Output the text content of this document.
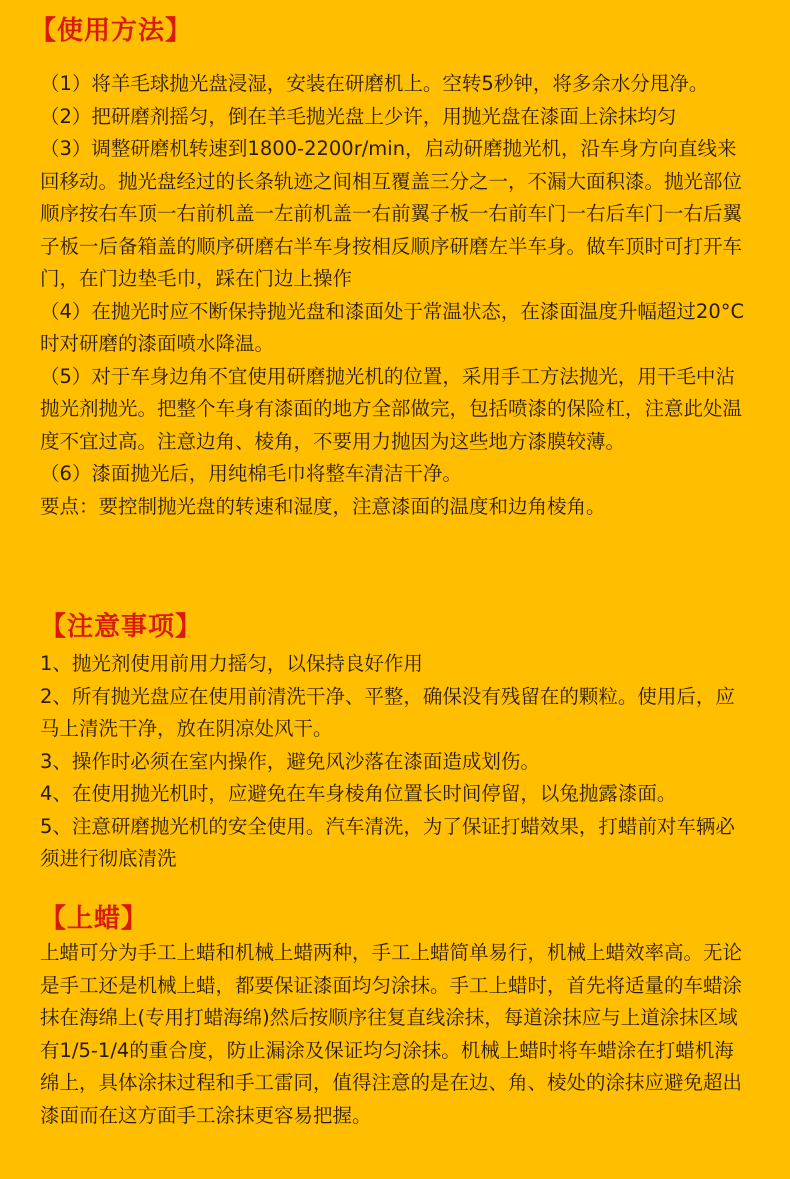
【使用方法】

（1）将羊毛球抛光盘浸湿，安装在研磨机上。空转5秒钟，将多余水分甩净。

（2）把研磨剂摇匀，倒在羊毛抛光盘上少许，用抛光盘在漆面上涂抹均匀

（3）调整研磨机转速到1800-2200r/min，启动研磨抛光机，沿车身方向直线来回移动。抛光盘经过的长条轨迹之间相互覆盖三分之一，不漏大面积漆。抛光部位顺序按右车顶一右前机盖一左前机盖一右前翼子板一右前车门一右后车门一右后翼子板一后备箱盖的顺序研磨右半车身按相反顺序研磨左半车身。做车顶时可打开车门，在门边垫毛巾，踩在门边上操作

（4）在抛光时应不断保持抛光盘和漆面处于常温状态，在漆面温度升幅超过20°C时对研磨的漆面喷水降温。

（5）对于车身边角不宜使用研磨抛光机的位置，采用手工方法抛光，用干毛中沾抛光剂抛光。把整个车身有漆面的地方全部做完，包括喷漆的保险杠，注意此处温度不宜过高。注意边角、棱角，不要用力抛因为这些地方漆膜较薄。

（6）漆面抛光后，用纯棉毛巾将整车清洁干净。

要点：要控制抛光盘的转速和湿度，注意漆面的温度和边角棱角。

【注意事项】

1、抛光剂使用前用力摇匀，以保持良好作用

2、所有抛光盘应在使用前清洗干净、平整，确保没有残留在的颗粒。使用后，应马上清洗干净，放在阴凉处风干。

3、操作时必须在室内操作，避免风沙落在漆面造成划伤。

4、在使用抛光机时，应避免在车身棱角位置长时间停留，以兔抛露漆面。

5、注意研磨抛光机的安全使用。汽车清洗，为了保证打蜡效果，打蜡前对车辆必须进行彻底清洗

【上蜡】

上蜡可分为手工上蜡和机械上蜡两种，手工上蜡简单易行，机械上蜡效率高。无论是手工还是机械上蜡，都要保证漆面均匀涂抹。手工上蜡时，首先将适量的车蜡涂抹在海绵上(专用打蜡海绵)然后按顺序往复直线涂抹，每道涂抹应与上道涂抹区域有1/5-1/4的重合度，防止漏涂及保证均匀涂抹。机械上蜡时将车蜡涂在打蜡机海绵上，具体涂抹过程和手工雷同，值得注意的是在边、角、棱处的涂抹应避免超出漆面而在这方面手工涂抹更容易把握。
